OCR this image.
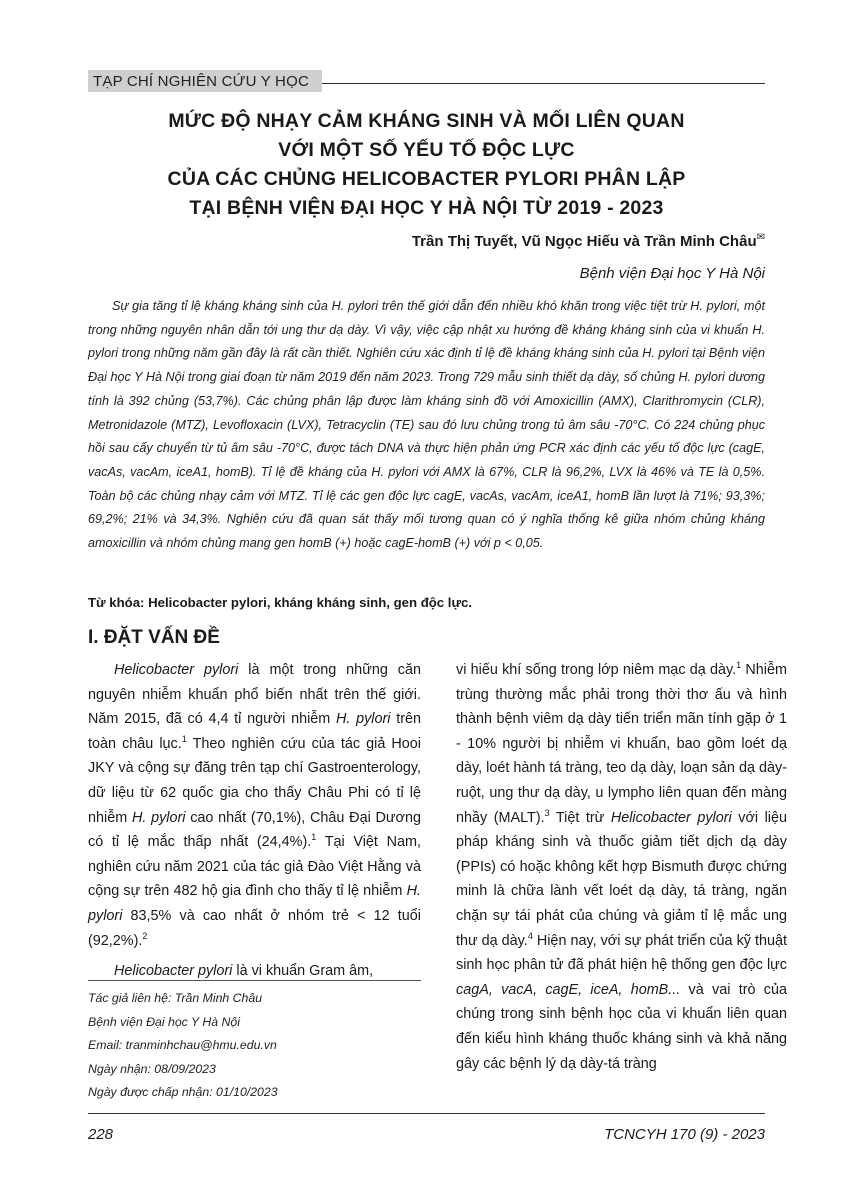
TẠP CHÍ NGHIÊN CỨU Y HỌC
MỨC ĐỘ NHẠY CẢM KHÁNG SINH VÀ MỐI LIÊN QUAN
VỚI MỘT SỐ YẾU TỐ ĐỘC LỰC
CỦA CÁC CHỦNG HELICOBACTER PYLORI PHÂN LẬP
TẠI BỆNH VIỆN ĐẠI HỌC Y HÀ NỘI TỪ 2019 - 2023
Trần Thị Tuyết, Vũ Ngọc Hiếu và Trần Minh Châu✉
Bệnh viện Đại học Y Hà Nội

Sự gia tăng tỉ lệ kháng kháng sinh của H. pylori trên thế giới dẫn đến nhiều khó khăn trong việc tiệt trừ H. pylori, một trong những nguyên nhân dẫn tới ung thư dạ dày. Vì vậy, việc cập nhật xu hướng đề kháng kháng sinh của vi khuẩn H. pylori trong những năm gần đây là rất cần thiết. Nghiên cứu xác định tỉ lệ đề kháng kháng sinh của H. pylori tại Bệnh viện Đại học Y Hà Nội trong giai đoạn từ năm 2019 đến năm 2023. Trong 729 mẫu sinh thiết dạ dày, số chủng H. pylori dương tính là 392 chủng (53,7%). Các chủng phân lập được làm kháng sinh đồ với Amoxicillin (AMX), Clarithromycin (CLR), Metronidazole (MTZ), Levofloxacin (LVX), Tetracyclin (TE) sau đó lưu chủng trong tủ âm sâu -70°C. Có 224 chủng phục hồi sau cấy chuyển từ tủ âm sâu -70°C, được tách DNA và thực hiện phản ứng PCR xác định các yếu tố độc lực (cagE, vacAs, vacAm, iceA1, homB). Tỉ lệ đề kháng của H. pylori với AMX là 67%, CLR là 96,2%, LVX là 46% và TE là 0,5%. Toàn bộ các chủng nhạy cảm với MTZ. Tỉ lệ các gen độc lực cagE, vacAs, vacAm, iceA1, homB lần lượt là 71%; 93,3%; 69,2%; 21% và 34,3%. Nghiên cứu đã quan sát thấy mối tương quan có ý nghĩa thống kê giữa nhóm chủng kháng amoxicillin và nhóm chủng mang gen homB (+) hoặc cagE-homB (+) với p < 0,05.

Từ khóa: Helicobacter pylori, kháng kháng sinh, gen độc lực.
I. ĐẶT VẤN ĐỀ

Helicobacter pylori là một trong những căn nguyên nhiễm khuẩn phổ biến nhất trên thế giới. Năm 2015, đã có 4,4 tỉ người nhiễm H. pylori trên toàn châu lục.$^1$ Theo nghiên cứu của tác giả Hooi JKY và cộng sự đăng trên tạp chí Gastroenterology, dữ liệu từ 62 quốc gia cho thấy Châu Phi có tỉ lệ nhiễm H. pylori cao nhất (70,1%), Châu Đại Dương có tỉ lệ mắc thấp nhất (24,4%).$^1$ Tại Việt Nam, nghiên cứu năm 2021 của tác giả Đào Việt Hằng và cộng sự trên 482 hộ gia đình cho thấy tỉ lệ nhiễm H. pylori 83,5% và cao nhất ở nhóm trẻ < 12 tuổi (92,2%).$^2$

Helicobacter pylori là vi khuẩn Gram âm,

Tác giả liên hệ: Trần Minh Châu
Bệnh viện Đại học Y Hà Nội
Email: tranminhchau@hmu.edu.vn
Ngày nhận: 08/09/2023
Ngày được chấp nhận: 01/10/2023

vi hiếu khí sống trong lớp niêm mạc dạ dày.$^1$ Nhiễm trùng thường mắc phải trong thời thơ ấu và hình thành bệnh viêm dạ dày tiến triển mãn tính gặp ở 1 - 10% người bị nhiễm vi khuẩn, bao gồm loét dạ dày, loét hành tá tràng, teo dạ dày, loạn sản dạ dày-ruột, ung thư dạ dày, u lympho liên quan đến màng nhầy (MALT).$^3$ Tiệt trừ Helicobacter pylori với liệu pháp kháng sinh và thuốc giảm tiết dịch dạ dày (PPIs) có hoặc không kết hợp Bismuth được chứng minh là chữa lành vết loét dạ dày, tá tràng, ngăn chặn sự tái phát của chúng và giảm tỉ lệ mắc ung thư dạ dày.$^4$ Hiện nay, với sự phát triển của kỹ thuật sinh học phân tử đã phát hiện hệ thống gen độc lực cagA, vacA, cagE, iceA, homB... và vai trò của chúng trong sinh bệnh học của vi khuẩn liên quan đến kiểu hình kháng thuốc kháng sinh và khả năng gây các bệnh lý dạ dày-tá tràng

228	TCNCYH 170 (9) - 2023
